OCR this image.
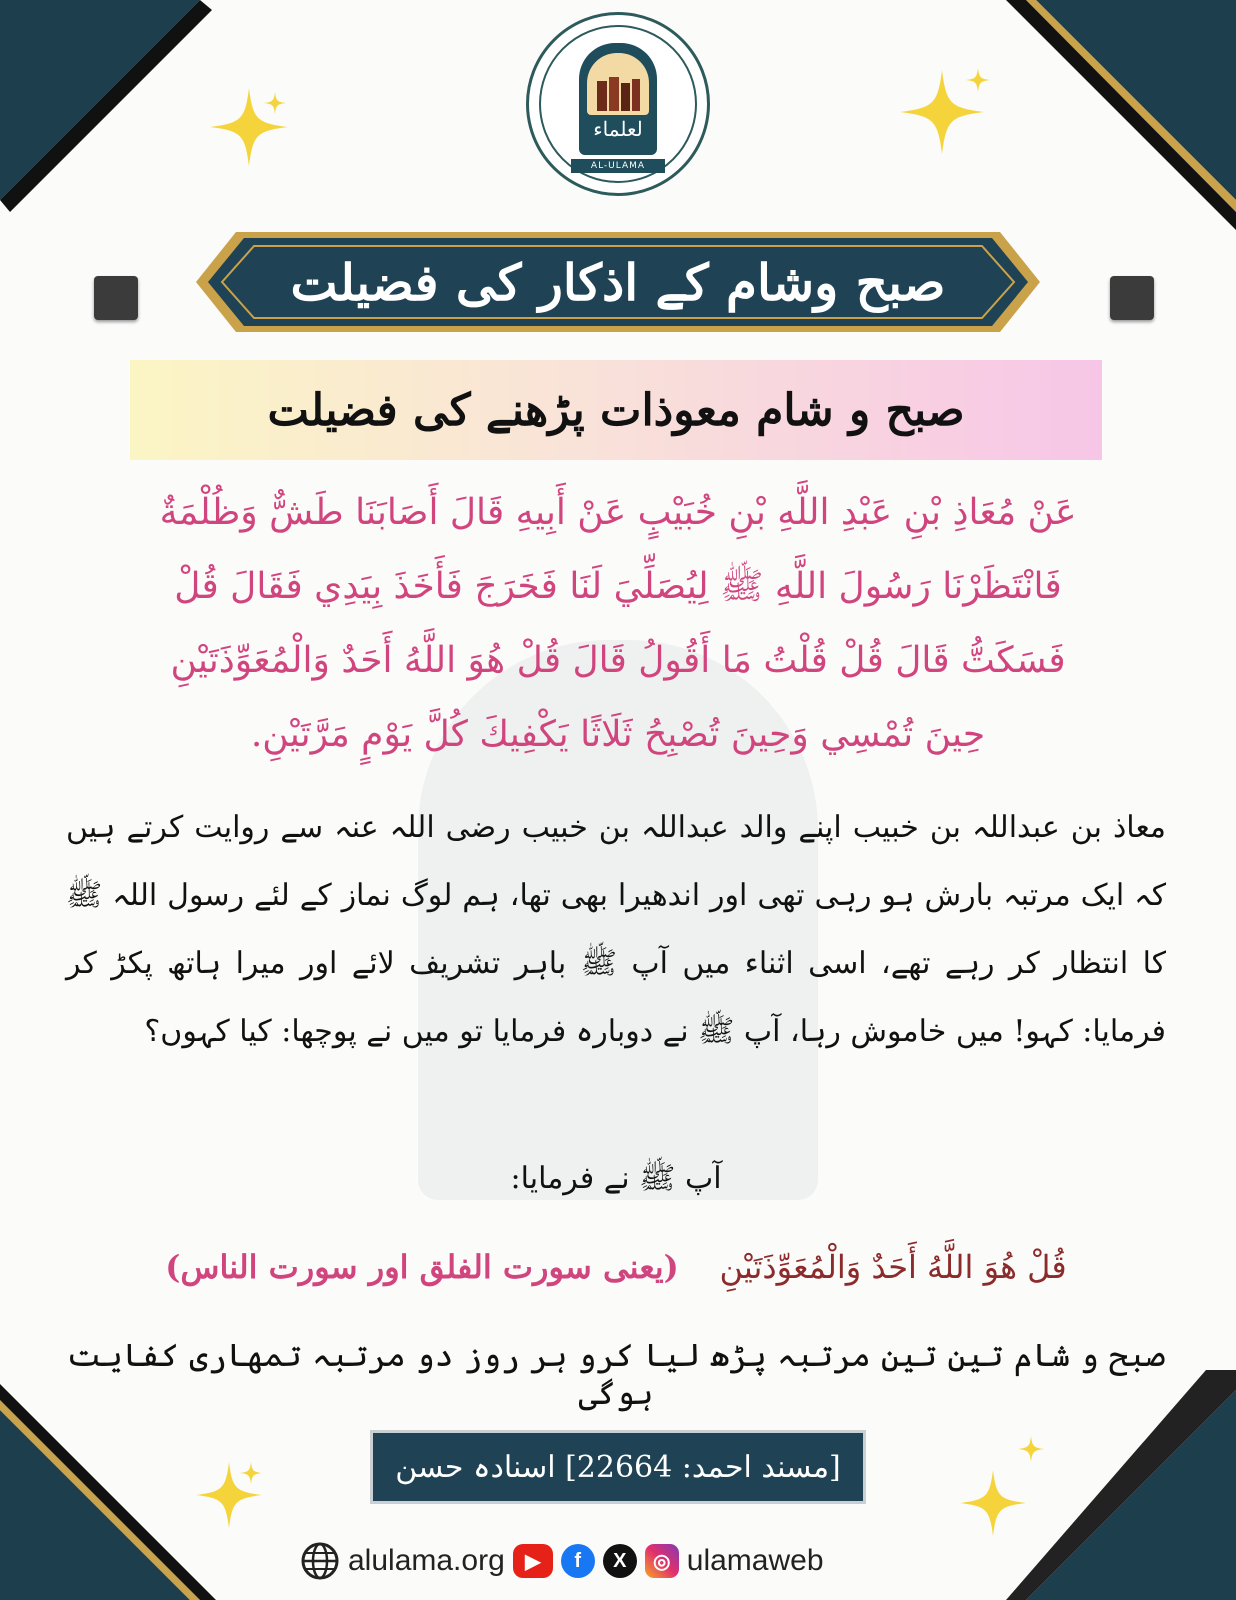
لعلماء
AL-ULAMA
صبح وشام کے اذکار کی فضیلت
صبح و شام معوذات پڑھنے کی فضیلت
عَنْ مُعَاذِ بْنِ عَبْدِ اللَّهِ بْنِ خُبَيْبٍ عَنْ أَبِيهِ قَالَ أَصَابَنَا طَشٌّ وَظُلْمَةٌ
فَانْتَظَرْنَا رَسُولَ اللَّهِ ﷺ لِيُصَلِّيَ لَنَا فَخَرَجَ فَأَخَذَ بِيَدِي فَقَالَ قُلْ
فَسَكَتُّ قَالَ قُلْ قُلْتُ مَا أَقُولُ قَالَ قُلْ هُوَ اللَّهُ أَحَدٌ وَالْمُعَوِّذَتَيْنِ
حِينَ تُمْسِي وَحِينَ تُصْبِحُ ثَلَاثًا يَكْفِيكَ كُلَّ يَوْمٍ مَرَّتَيْنِ.
معاذ بن عبداللہ بن خبیب اپنے والد عبداللہ بن خبیب رضی اللہ عنہ سے روایت کرتے ہیں کہ ایک مرتبہ بارش ہو رہی تھی اور اندھیرا بھی تھا، ہم لوگ نماز کے لئے رسول اللہ ﷺ کا انتظار کر رہے تھے، اسی اثناء میں آپ ﷺ باہر تشریف لائے اور میرا ہاتھ پکڑ کر فرمایا: کہو! میں خاموش رہا، آپ ﷺ نے دوبارہ فرمایا تو میں نے پوچھا: کیا کہوں؟
آپ ﷺ نے فرمایا:
قُلْ هُوَ اللَّهُ أَحَدٌ وَالْمُعَوِّذَتَيْنِ    (یعنی سورت الفلق اور سورت الناس)
صبح و شام تین تین مرتبہ پڑھ لیا کرو ہر روز دو مرتبہ تمھاری کفایت ہوگی
[مسند احمد: 22664] اسنادہ حسن
alulama.org	▶	f	X	◎ ulamaweb
